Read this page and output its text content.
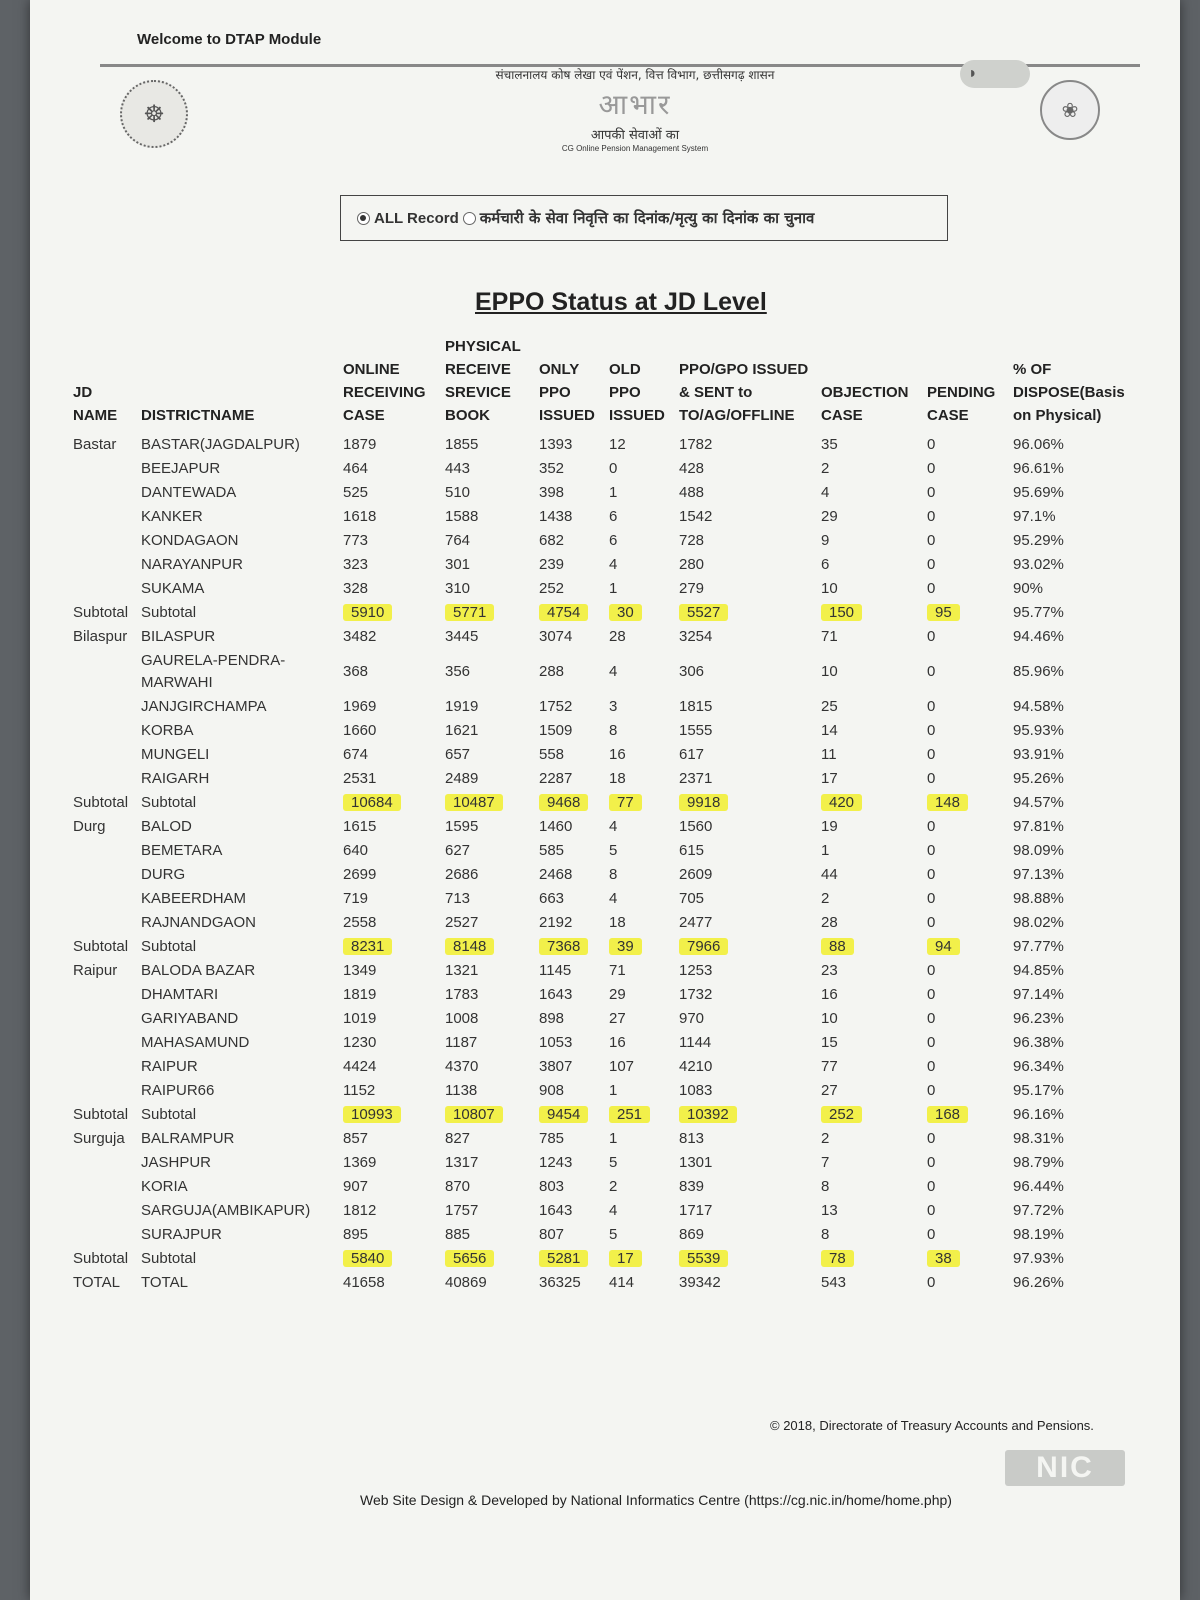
Welcome to DTAP Module
☸
◗
❀
संचालनालय कोष लेखा एवं पेंशन, वित्त विभाग, छत्तीसगढ़ शासन
आभार
आपकी सेवाओं का
CG Online Pension Management System
ALL Record कर्मचारी के सेवा निवृत्ति का दिनांक/मृत्यु का दिनांक का चुनाव
EPPO Status at JD Level
JD NAME	DISTRICTNAME	ONLINE RECEIVING CASE	PHYSICAL RECEIVE SREVICE BOOK	ONLY PPO ISSUED	OLD PPO ISSUED	PPO/GPO ISSUED & SENT to TO/AG/OFFLINE	OBJECTION CASE	PENDING CASE	% OF DISPOSE(Basis on Physical)
Bastar	BASTAR(JAGDALPUR)	1879	1855	1393	12	1782	35	0	96.06%
	BEEJAPUR	464	443	352	0	428	2	0	96.61%
	DANTEWADA	525	510	398	1	488	4	0	95.69%
	KANKER	1618	1588	1438	6	1542	29	0	97.1%
	KONDAGAON	773	764	682	6	728	9	0	95.29%
	NARAYANPUR	323	301	239	4	280	6	0	93.02%
	SUKAMA	328	310	252	1	279	10	0	90%
Subtotal	Subtotal	5910	5771	4754	30	5527	150	95	95.77%
Bilaspur	BILASPUR	3482	3445	3074	28	3254	71	0	94.46%
	GAURELA-PENDRA-MARWAHI	368	356	288	4	306	10	0	85.96%
	JANJGIRCHAMPA	1969	1919	1752	3	1815	25	0	94.58%
	KORBA	1660	1621	1509	8	1555	14	0	95.93%
	MUNGELI	674	657	558	16	617	11	0	93.91%
	RAIGARH	2531	2489	2287	18	2371	17	0	95.26%
Subtotal	Subtotal	10684	10487	9468	77	9918	420	148	94.57%
Durg	BALOD	1615	1595	1460	4	1560	19	0	97.81%
	BEMETARA	640	627	585	5	615	1	0	98.09%
	DURG	2699	2686	2468	8	2609	44	0	97.13%
	KABEERDHAM	719	713	663	4	705	2	0	98.88%
	RAJNANDGAON	2558	2527	2192	18	2477	28	0	98.02%
Subtotal	Subtotal	8231	8148	7368	39	7966	88	94	97.77%
Raipur	BALODA BAZAR	1349	1321	1145	71	1253	23	0	94.85%
	DHAMTARI	1819	1783	1643	29	1732	16	0	97.14%
	GARIYABAND	1019	1008	898	27	970	10	0	96.23%
	MAHASAMUND	1230	1187	1053	16	1144	15	0	96.38%
	RAIPUR	4424	4370	3807	107	4210	77	0	96.34%
	RAIPUR66	1152	1138	908	1	1083	27	0	95.17%
Subtotal	Subtotal	10993	10807	9454	251	10392	252	168	96.16%
Surguja	BALRAMPUR	857	827	785	1	813	2	0	98.31%
	JASHPUR	1369	1317	1243	5	1301	7	0	98.79%
	KORIA	907	870	803	2	839	8	0	96.44%
	SARGUJA(AMBIKAPUR)	1812	1757	1643	4	1717	13	0	97.72%
	SURAJPUR	895	885	807	5	869	8	0	98.19%
Subtotal	Subtotal	5840	5656	5281	17	5539	78	38	97.93%
TOTAL	TOTAL	41658	40869	36325	414	39342	543	0	96.26%
© 2018, Directorate of Treasury Accounts and Pensions.
Web Site Design & Developed by National Informatics Centre (https://cg.nic.in/home/home.php)
NIC
